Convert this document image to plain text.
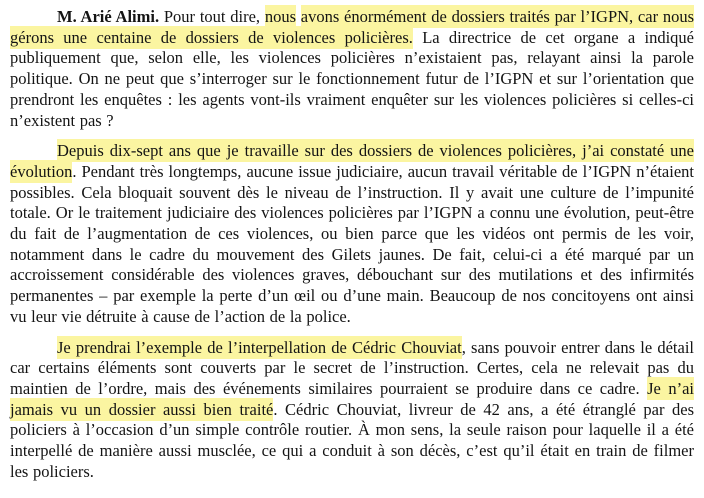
M. Arié Alimi. Pour tout dire, nous avons énormément de dossiers traités par l’IGPN, car nous gérons une centaine de dossiers de violences policières. La directrice de cet organe a indiqué publiquement que, selon elle, les violences policières n’existaient pas, relayant ainsi la parole politique. On ne peut que s’interroger sur le fonctionnement futur de l’IGPN et sur l’orientation que prendront les enquêtes : les agents vont-ils vraiment enquêter sur les violences policières si celles-ci n’existent pas ?

Depuis dix-sept ans que je travaille sur des dossiers de violences policières, j’ai constaté une évolution. Pendant très longtemps, aucune issue judiciaire, aucun travail véritable de l’IGPN n’étaient possibles. Cela bloquait souvent dès le niveau de l’instruction. Il y avait une culture de l’impunité totale. Or le traitement judiciaire des violences policières par l’IGPN a connu une évolution, peut-être du fait de l’augmentation de ces violences, ou bien parce que les vidéos ont permis de les voir, notamment dans le cadre du mouvement des Gilets jaunes. De fait, celui-ci a été marqué par un accroissement considérable des violences graves, débouchant sur des mutilations et des infirmités permanentes – par exemple la perte d’un œil ou d’une main. Beaucoup de nos concitoyens ont ainsi vu leur vie détruite à cause de l’action de la police.

Je prendrai l’exemple de l’interpellation de Cédric Chouviat, sans pouvoir entrer dans le détail car certains éléments sont couverts par le secret de l’instruction. Certes, cela ne relevait pas du maintien de l’ordre, mais des événements similaires pourraient se produire dans ce cadre. Je n’ai jamais vu un dossier aussi bien traité. Cédric Chouviat, livreur de 42 ans, a été étranglé par des policiers à l’occasion d’un simple contrôle routier. À mon sens, la seule raison pour laquelle il a été interpellé de manière aussi musclée, ce qui a conduit à son décès, c’est qu’il était en train de filmer les policiers.
